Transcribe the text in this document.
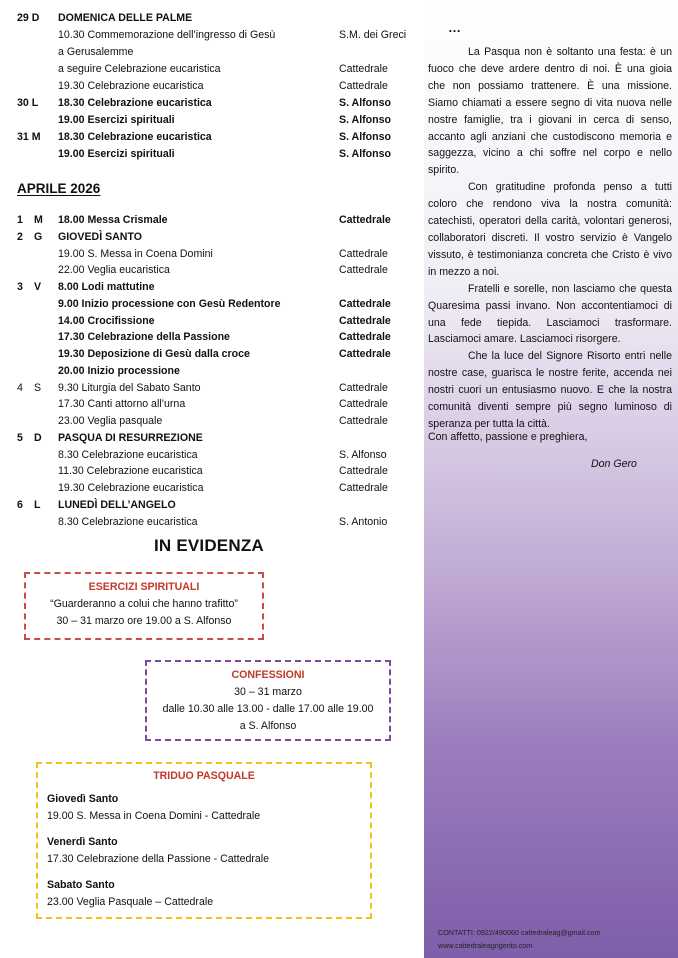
29 D DOMENICA DELLE PALME
10.30 Commemorazione dell’ingresso di Gesù	S.M. dei Greci
a Gerusalemme
a seguire Celebrazione eucaristica	Cattedrale
19.30 Celebrazione eucaristica	Cattedrale
30 L 18.30 Celebrazione eucaristica	S. Alfonso
19.00 Esercizi spirituali	S. Alfonso
31 M 18.30 Celebrazione eucaristica	S. Alfonso
19.00 Esercizi spirituali	S. Alfonso
1 M 18.00 Messa Crismale	Cattedrale
2 G GIOVEDÌ SANTO
19.00 S. Messa in Coena Domini	Cattedrale
22.00 Veglia eucaristica	Cattedrale
3 V 8.00 Lodi mattutine
9.00 Inizio processione con Gesù Redentore	Cattedrale
14.00 Crocifissione	Cattedrale
17.30 Celebrazione della Passione	Cattedrale
19.30 Deposizione di Gesù dalla croce	Cattedrale
20.00 Inizio processione
4 S 9.30 Liturgia del Sabato Santo	Cattedrale
17.30 Canti attorno all’urna	Cattedrale
23.00 Veglia pasquale	Cattedrale
5 D PASQUA DI RESURREZIONE
8.30 Celebrazione eucaristica	S. Alfonso
11.30 Celebrazione eucaristica	Cattedrale
19.30 Celebrazione eucaristica	Cattedrale
6 L LUNEDÌ DELL’ANGELO
8.30 Celebrazione eucaristica	S. Antonio
APRILE 2026
IN EVIDENZA
ESERCIZI SPIRITUALI
“Guarderanno a colui che hanno trafitto”
30 – 31 marzo ore 19.00 a S. Alfonso
CONFESSIONI
30 – 31 marzo
dalle 10.30 alle 13.00 - dalle 17.00 alle 19.00
a S. Alfonso
TRIDUO PASQUALE
Giovedì Santo
19.00 S. Messa in Coena Domini - Cattedrale
Venerdì Santo
17.30 Celebrazione della Passione - Cattedrale
Sabato Santo
23.00 Veglia Pasquale – Cattedrale
…

La Pasqua non è soltanto una festa: è un fuoco che deve ardere dentro di noi. È una gioia che non possiamo trattenere. È una missione. Siamo chiamati a essere segno di vita nuova nelle nostre famiglie, tra i giovani in cerca di senso, accanto agli anziani che custodiscono memoria e saggezza, vicino a chi soffre nel corpo e nello spirito.

Con gratitudine profonda penso a tutti coloro che rendono viva la nostra comunità: catechisti, operatori della carità, volontari generosi, collaboratori discreti. Il vostro servizio è Vangelo vissuto, è testimonianza concreta che Cristo è vivo in mezzo a noi.

Fratelli e sorelle, non lasciamo che questa Quaresima passi invano. Non accontentiamoci di una fede tiepida. Lasciamoci trasformare. Lasciamoci amare. Lasciamoci risorgere.

Che la luce del Signore Risorto entri nelle nostre case, guarisca le nostre ferite, accenda nei nostri cuori un entusiasmo nuovo. E che la nostra comunità diventi sempre più segno luminoso di speranza per tutta la città.

Con affetto, passione e preghiera,
Don Gero
CONTATTI: 0922/490060 cattedraleag@gmail.com
www.cattedraleagrigento.com
